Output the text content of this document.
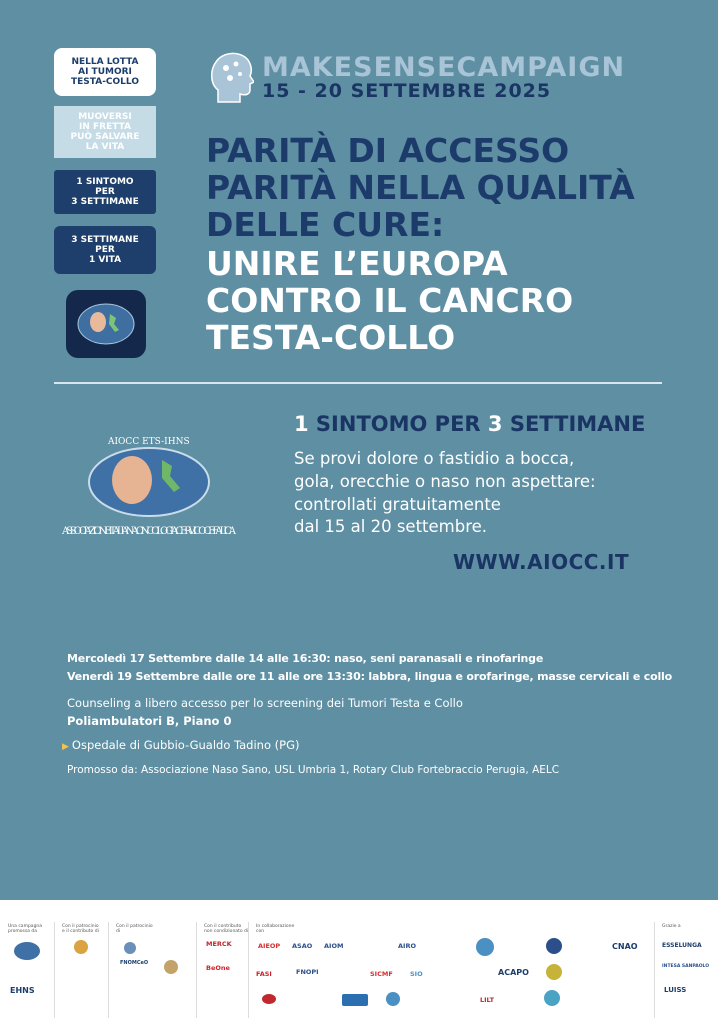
NELLA LOTTA
AI TUMORI
TESTA-COLLO
MUOVERSI
IN FRETTA
PUÒ SALVARE
LA VITA
1 SINTOMO
PER
3 SETTIMANE
3 SETTIMANE
PER
1 VITA
MAKESENSECAMPAIGN
15 - 20 SETTEMBRE 2025
PARITÀ DI ACCESSO
PARITÀ NELLA QUALITÀ
DELLE CURE:
UNIRE L’EUROPA
CONTRO IL CANCRO
TESTA-COLLO
AIOCC ETS-IHNS
ASSOCIAZIONE ITALIANA ONCOLOGIA CERVICO CEFALICA
1 SINTOMO PER 3 SETTIMANE
Se provi dolore o fastidio a bocca,
gola, orecchie o naso non aspettare:
controllati gratuitamente
dal 15 al 20 settembre.
WWW.AIOCC.IT
Mercoledì 17 Settembre dalle 14 alle 16:30: naso, seni paranasali e rinofaringe
Venerdì 19 Settembre dalle ore 11 alle ore 13:30: labbra, lingua e orofaringe, masse cervicali e collo
Counseling a libero accesso per lo screening dei Tumori Testa e Collo
Poliambulatori B, Piano 0
▶ Ospedale di Gubbio-Gualdo Tadino (PG)
Promosso da: Associazione Naso Sano, USL Umbria 1, Rotary Club Fortebraccio Perugia, AELC
Una campagna
promossa da
Con il patrocinio
e il contributo di
Con il patrocinio
di
Con il contributo
non condizionato di
In collaborazione
con
Grazie a
EHNS
FNOMCeO
MERCK
BeOne
AIEOP ASAO AIOM	AIRO	CNAO
FASI	FNOPI	SICMF	SIO	ACAPO
LILT
ESSELUNGA
INTESA SANPAOLO
LUISS
